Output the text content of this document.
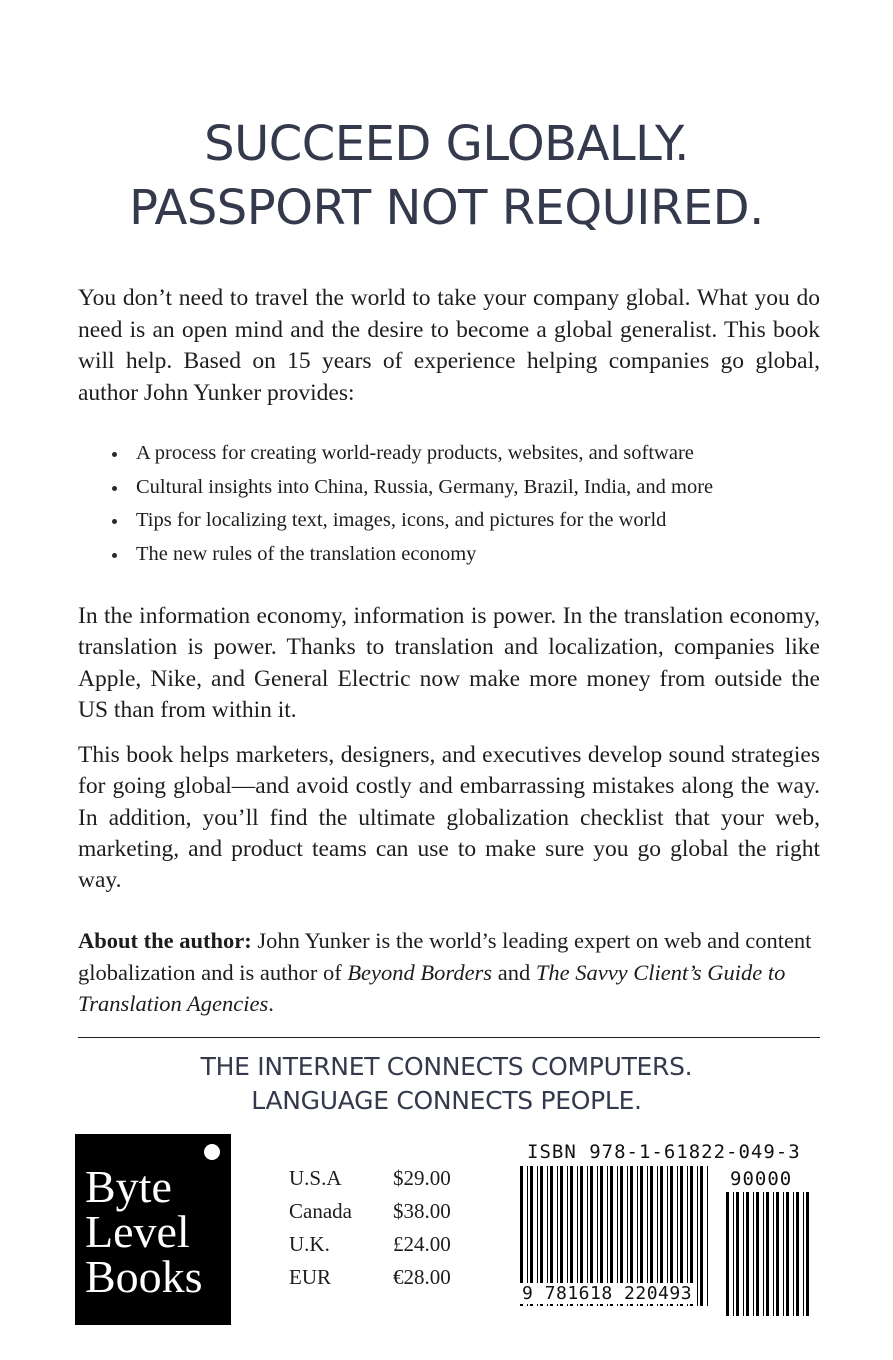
SUCCEED GLOBALLY.
PASSPORT NOT REQUIRED.

You don’t need to travel the world to take your company global. What you do need is an open mind and the desire to become a global generalist. This book will help. Based on 15 years of experience helping companies go global, author John Yunker provides:

A process for creating world-ready products, websites, and software
Cultural insights into China, Russia, Germany, Brazil, India, and more
Tips for localizing text, images, icons, and pictures for the world
The new rules of the translation economy

In the information economy, information is power. In the translation economy, translation is power. Thanks to translation and localization, companies like Apple, Nike, and General Electric now make more money from outside the US than from within it.

This book helps marketers, designers, and executives develop sound strategies for going global—and avoid costly and embarrassing mistakes along the way. In addition, you’ll find the ultimate globalization checklist that your web, marketing, and product teams can use to make sure you go global the right way.

About the author: John Yunker is the world’s leading expert on web and content globalization and is author of Beyond Borders and The Savvy Client’s Guide to Translation Agencies.

THE INTERNET CONNECTS COMPUTERS.
LANGUAGE CONNECTS PEOPLE.
Byte
Level
Books
U.S.A	$29.00
Canada	$38.00
U.K.	£24.00
EUR	€28.00
ISBN 978-1-61822-049-3
90000
9 781618 220493
